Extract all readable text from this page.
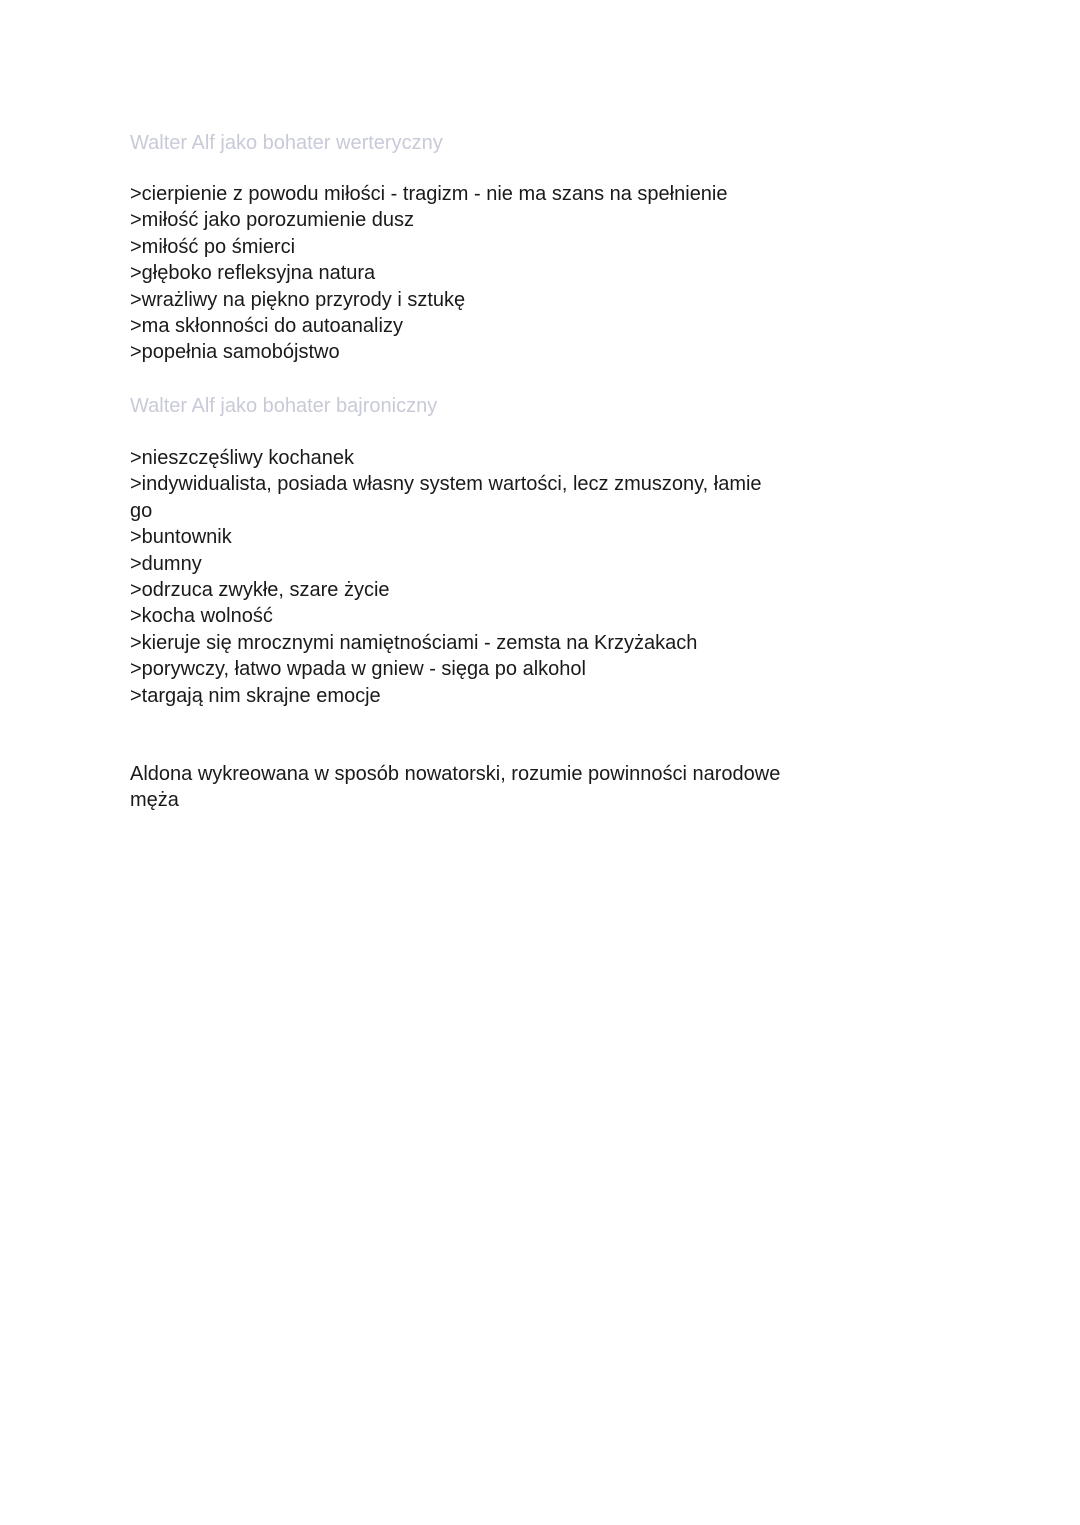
Walter Alf jako bohater werteryczny
>cierpienie z powodu miłości - tragizm - nie ma szans na spełnienie
>miłość jako porozumienie dusz
>miłość po śmierci
>głęboko refleksyjna natura
>wrażliwy na piękno przyrody i sztukę
>ma skłonności do autoanalizy
>popełnia samobójstwo
Walter Alf jako bohater bajroniczny
>nieszczęśliwy kochanek
>indywidualista, posiada własny system wartości, lecz zmuszony, łamie go
>buntownik
>dumny
>odrzuca zwykłe, szare życie
>kocha wolność
>kieruje się mrocznymi namiętnościami - zemsta na Krzyżakach
>porywczy, łatwo wpada w gniew - sięga po alkohol
>targają nim skrajne emocje

Aldona wykreowana w sposób nowatorski, rozumie powinności narodowe męża
